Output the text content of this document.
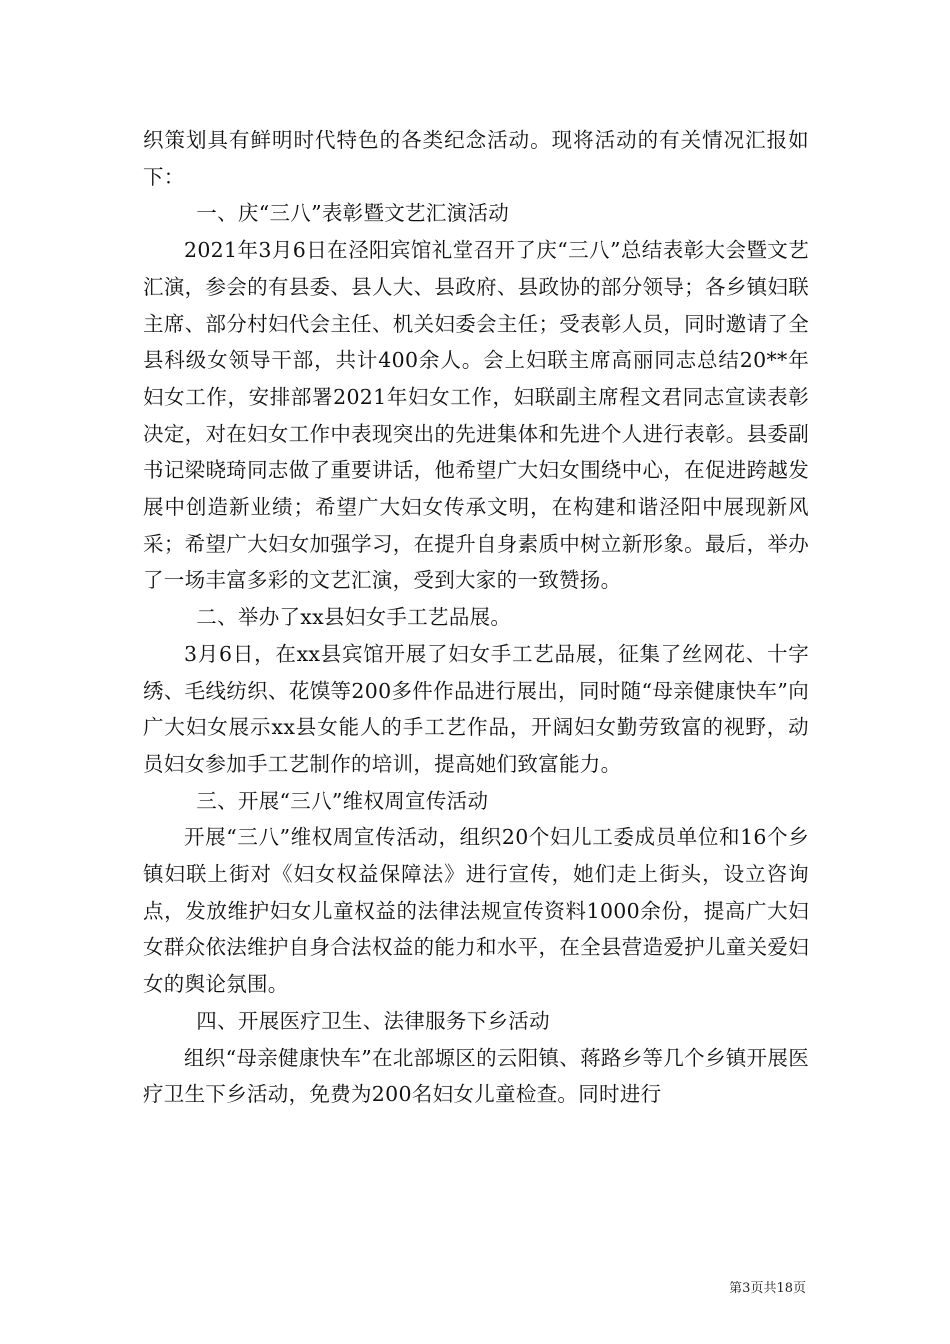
织策划具有鲜明时代特色的各类纪念活动。现将活动的有关情况汇报如下：

一、庆“三八”表彰暨文艺汇演活动

2021年3月6日在泾阳宾馆礼堂召开了庆“三八”总结表彰大会暨文艺汇演，参会的有县委、县人大、县政府、县政协的部分领导；各乡镇妇联主席、部分村妇代会主任、机关妇委会主任；受表彰人员，同时邀请了全县科级女领导干部，共计400余人。会上妇联主席高丽同志总结20**年妇女工作，安排部署2021年妇女工作，妇联副主席程文君同志宣读表彰决定，对在妇女工作中表现突出的先进集体和先进个人进行表彰。县委副书记梁晓琦同志做了重要讲话，他希望广大妇女围绕中心，在促进跨越发展中创造新业绩；希望广大妇女传承文明，在构建和谐泾阳中展现新风采；希望广大妇女加强学习，在提升自身素质中树立新形象。最后，举办了一场丰富多彩的文艺汇演，受到大家的一致赞扬。

二、举办了xx县妇女手工艺品展。

3月6日，在xx县宾馆开展了妇女手工艺品展，征集了丝网花、十字绣、毛线纺织、花馍等200多件作品进行展出，同时随“母亲健康快车”向广大妇女展示xx县女能人的手工艺作品，开阔妇女勤劳致富的视野，动员妇女参加手工艺制作的培训，提高她们致富能力。

三、开展“三八”维权周宣传活动

开展“三八”维权周宣传活动，组织20个妇儿工委成员单位和16个乡镇妇联上街对《妇女权益保障法》进行宣传，她们走上街头，设立咨询点，发放维护妇女儿童权益的法律法规宣传资料1000余份，提高广大妇女群众依法维护自身合法权益的能力和水平，在全县营造爱护儿童关爱妇女的舆论氛围。

四、开展医疗卫生、法律服务下乡活动

组织“母亲健康快车”在北部塬区的云阳镇、蒋路乡等几个乡镇开展医疗卫生下乡活动，免费为200名妇女儿童检查。同时进行

第3页共18页
